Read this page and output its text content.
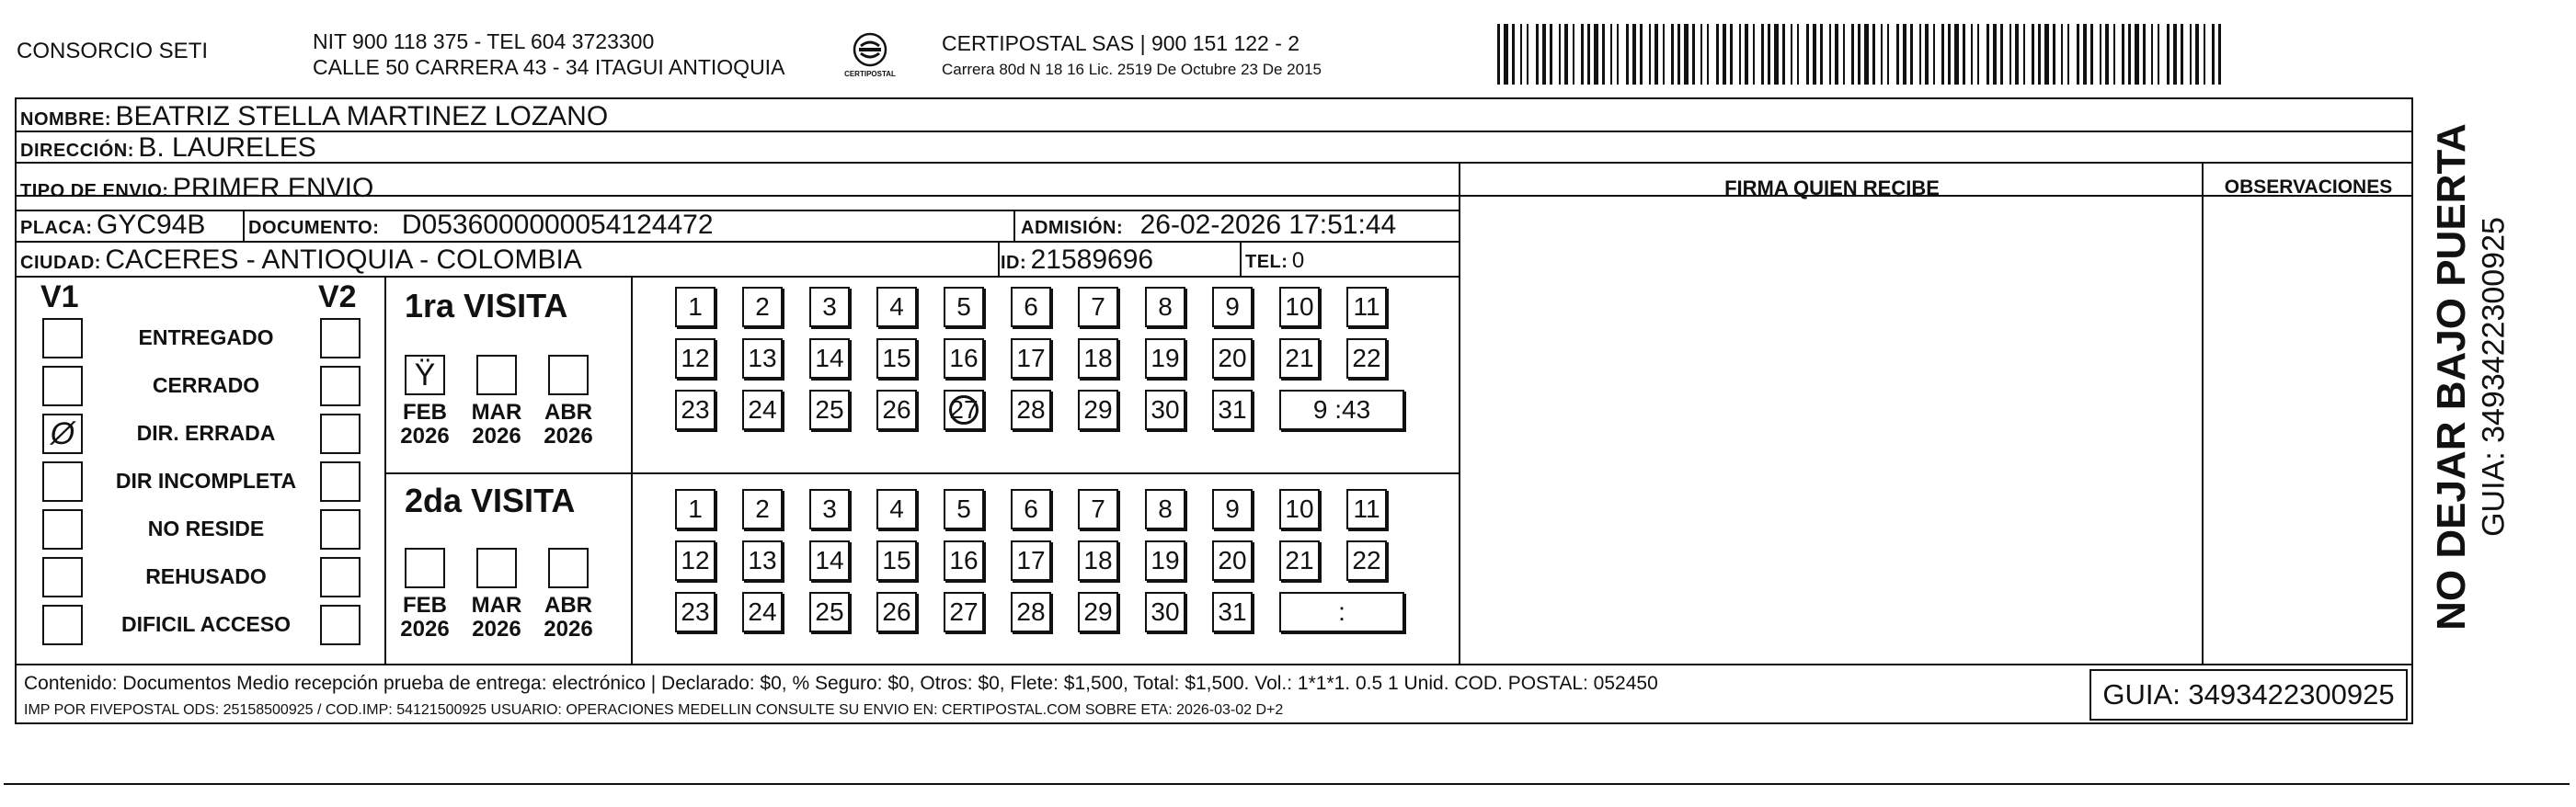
CONSORCIO SETI	NIT 900 118 375 - TEL 604 3723300
CALLE 50 CARRERA 43 - 34 ITAGUI ANTIOQUIA	CERTIPOSTAL
CERTIPOSTAL SAS | 900 151 122 - 2
Carrera 80d N 18 16 Lic. 2519 De Octubre 23 De 2015
NOMBRE: BEATRIZ STELLA MARTINEZ LOZANO
DIRECCIÓN: B. LAURELES
TIPO DE ENVIO: PRIMER ENVIO	FIRMA QUIEN RECIBE	OBSERVACIONES
PLACA: GYC94B DOCUMENTO: D0536000000054124472	ADMISIÓN: 26-02-2026 17:51:44
CIUDAD: CACERES - ANTIOQUIA - COLOMBIA	ID: 21589696	TEL: 0
V1	V2
ENTREGADO
CERRADO
Ø	DIR. ERRADA
DIR INCOMPLETA
NO RESIDE
REHUSADO
DIFICIL ACCESO
1ra VISITA
Ÿ
FEB
2026
MAR
2026
ABR
2026
1	2	3	4	5	6	7	8	9	10 11
12 13 14 15 16 17 18 19 20 21 22
23 24 25 26 27 28 29 30 31	9 :43
2da VISITA
FEB
2026
MAR
2026
ABR
2026
1	2	3	4	5	6	7	8	9	10 11
12 13 14 15 16 17 18 19 20 21 22
23 24 25 26 27 28 29 30 31	:
Contenido: Documentos Medio recepción prueba de entrega: electrónico | Declarado: $0, % Seguro: $0, Otros: $0, Flete: $1,500, Total: $1,500. Vol.: 1*1*1. 0.5 1 Unid. COD. POSTAL: 052450
IMP POR FIVEPOSTAL ODS: 25158500925 / COD.IMP: 54121500925 USUARIO: OPERACIONES MEDELLIN CONSULTE SU ENVIO EN: CERTIPOSTAL.COM SOBRE ETA: 2026-03-02 D+2	GUIA: 3493422300925
NO DEJAR BAJO PUERTA GUIA: 3493422300925
